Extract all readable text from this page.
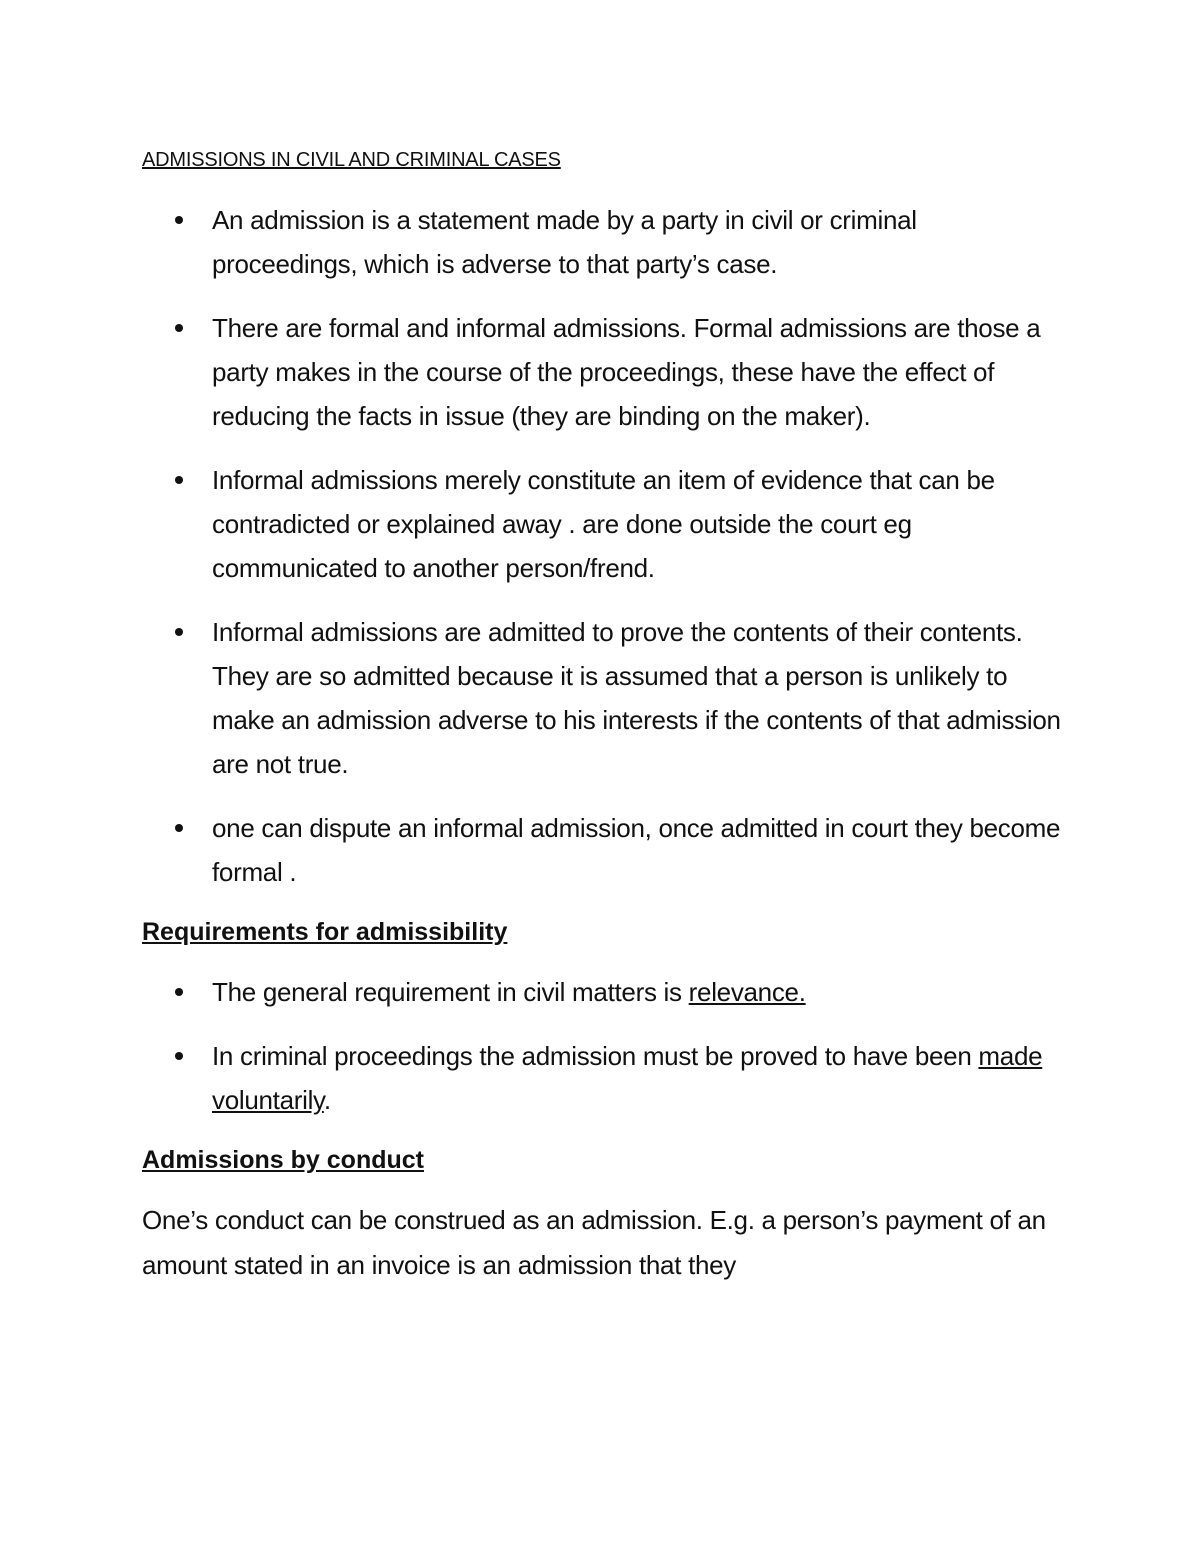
ADMISSIONS IN CIVIL AND CRIMINAL CASES
An admission is a statement made by a party in civil or criminal proceedings, which is adverse to that party’s case.
There are formal and informal admissions. Formal admissions are those a party makes in the course of the proceedings, these have the effect of reducing the facts in issue (they are binding on the maker).
Informal admissions merely constitute an item of evidence that can be contradicted or explained away . are done outside the court eg communicated to another person/frend.
Informal admissions are admitted to prove the contents of their contents. They are so admitted because it is assumed that a person is unlikely to make an admission adverse to his interests if the contents of that admission are not true.
one can dispute an informal admission, once admitted in court they become formal .
Requirements for admissibility
The general requirement in civil matters is relevance.
In criminal proceedings the admission must be proved to have been made voluntarily.
Admissions by conduct

One’s conduct can be construed as an admission. E.g. a person’s payment of an amount stated in an invoice is an admission that they
